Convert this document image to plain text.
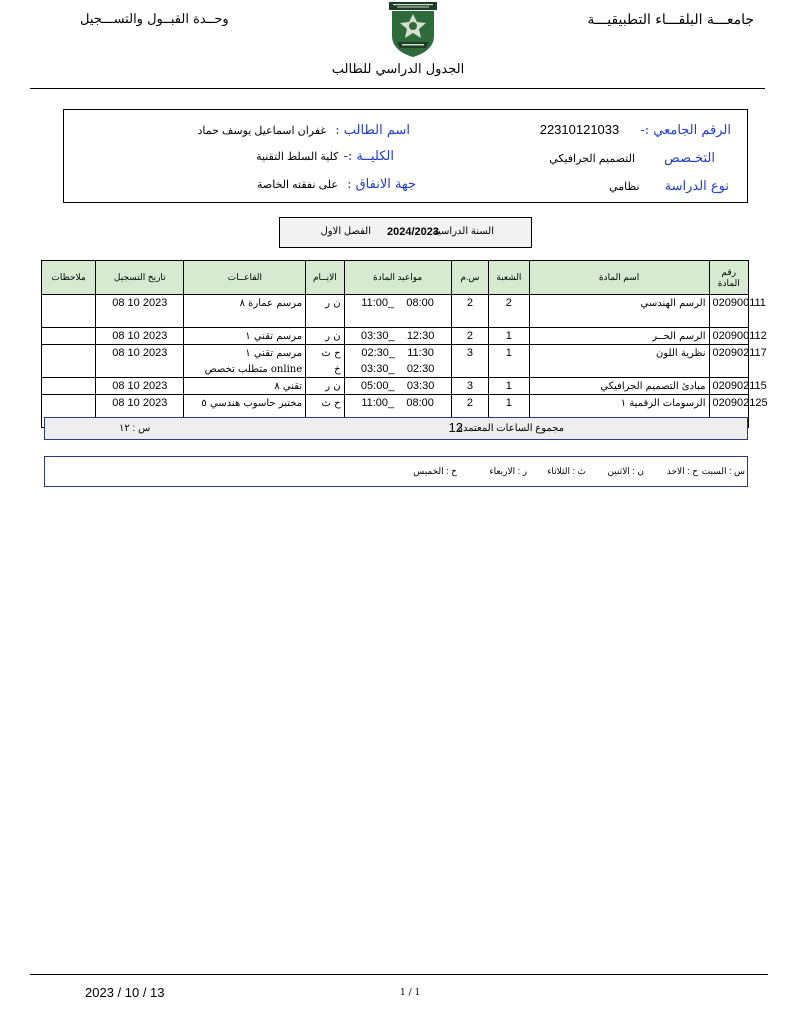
جامعـــة البلقـــاء التطبيقيـــة
وحــدة القبــول والتســـجيل
الجدول الدراسي للطالب
الرقم الجامعي :- 22310121033
اسم الطالب : غفران اسماعيل يوسف حماد
التخـصص التصميم الجرافيكي
الكليــة :- كلية السلط التقنية
نوع الدراسة نظامي
جهة الانفاق : على نفقته الخاصة
السنة الدراسية
2024/2023
الفصل الاول
رقم المادة	اسم المادة	الشعبة	س.م	مواعيد المادة	الايــام	القاعــات	تاريخ التسجيل	ملاحظات
020900111	الرسم الهندسي	2	2	11:00_ 08:00	ن ر	مرسم عمارة ٨	2023 10 08	

020900112	الرسم الحــر	1	2	03:30_ 12:30	ن ر	مرسم تقني ١	2023 10 08	
020902117	نظرية اللون	1	3	02:30_ 11:30	ح ث	مرسم تقني ١	2023 10 08	
				03:30_ 02:30	خ	online متطلب تخصص		
020902115	مبادئ التصميم الجرافيكي	1	3	05:00_ 03:30	ن ر	تقني ٨	2023 10 08	
020902125	الرسومات الرقمية ١	1	2	11:00_ 08:00	ح ث	مختبر حاسوب هندسي ٥	2023 10 08	

مجموع الساعات المعتمدة
12
س : ١٢
س : السبت
ح : الاحد
ن : الاثنين
ث : الثلاثاء
ر : الاربعاء
خ : الخميس
2023 / 10 / 13	1 / 1
